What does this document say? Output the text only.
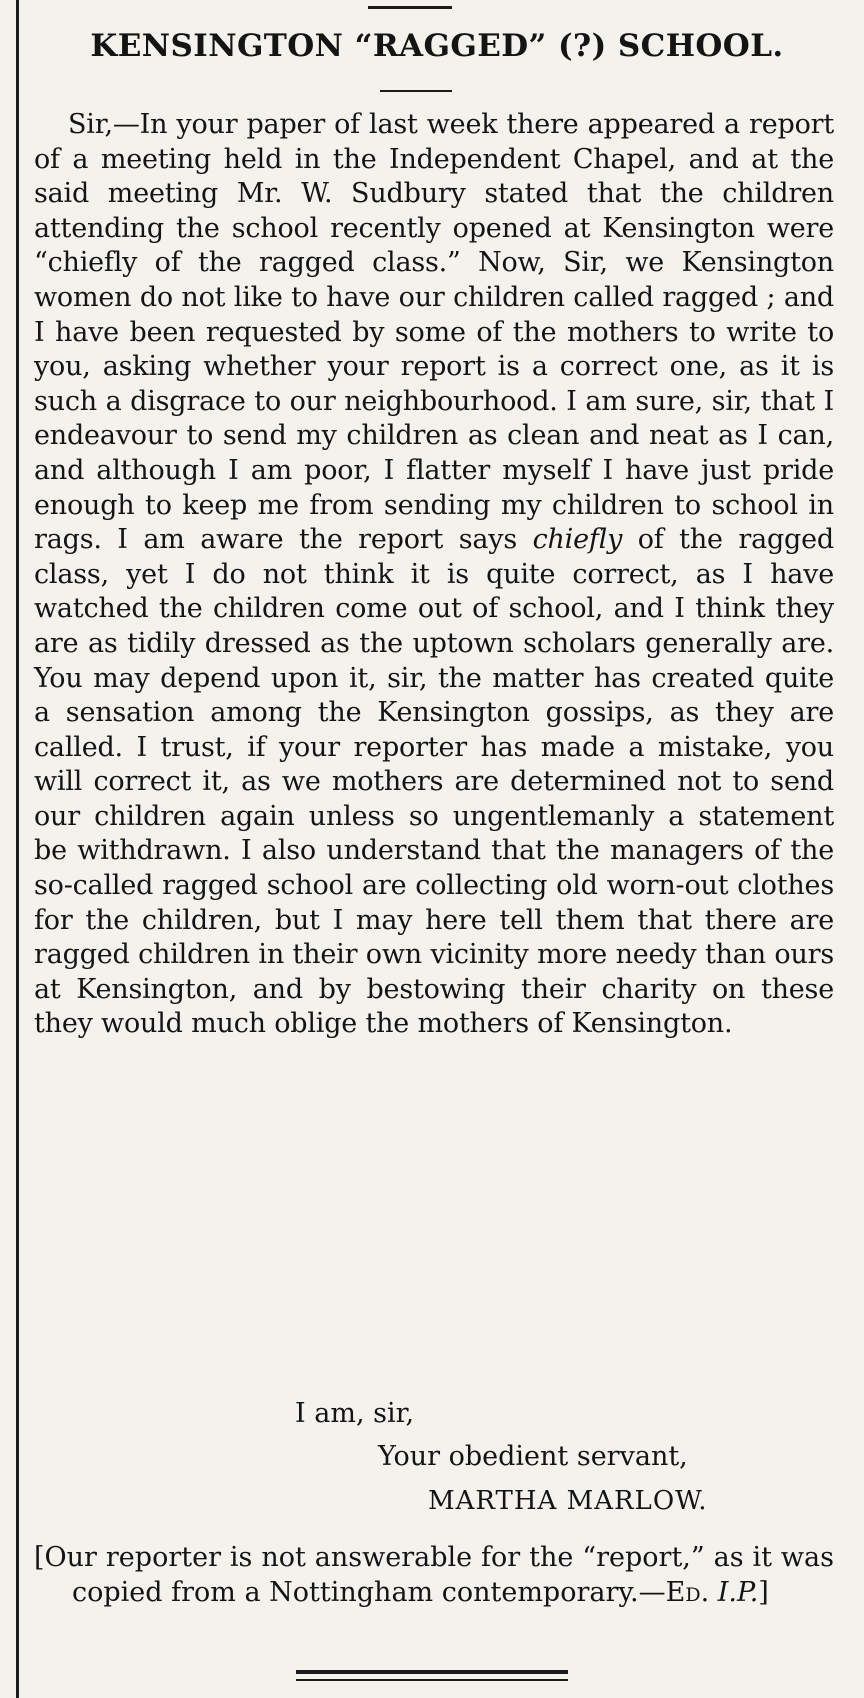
KENSINGTON “RAGGED” (?) SCHOOL.

Sir,—In your paper of last week there appeared a report of a meeting held in the Independent Chapel, and at the said meeting Mr. W. Sudbury stated that the children attending the school recently opened at Kensington were “chiefly of the ragged class.” Now, Sir, we Kensington women do not like to have our children called ragged ; and I have been requested by some of the mothers to write to you, asking whether your report is a correct one, as it is such a disgrace to our neighbourhood. I am sure, sir, that I endeavour to send my children as clean and neat as I can, and although I am poor, I flatter myself I have just pride enough to keep me from sending my children to school in rags. I am aware the report says chiefly of the ragged class, yet I do not think it is quite correct, as I have watched the children come out of school, and I think they are as tidily dressed as the uptown scholars generally are. You may depend upon it, sir, the matter has created quite a sensation among the Kensington gossips, as they are called. I trust, if your reporter has made a mistake, you will correct it, as we mothers are determined not to send our children again unless so ungentlemanly a statement be withdrawn. I also understand that the managers of the so-called ragged school are collecting old worn-out clothes for the children, but I may here tell them that there are ragged children in their own vicinity more needy than ours at Kensington, and by bestowing their charity on these they would much oblige the mothers of Kensington.

I am, sir,

Your obedient servant,

MARTHA MARLOW.

[Our reporter is not answerable for the “report,” as it was copied from a Nottingham contemporary.—Ed. I.P.]
